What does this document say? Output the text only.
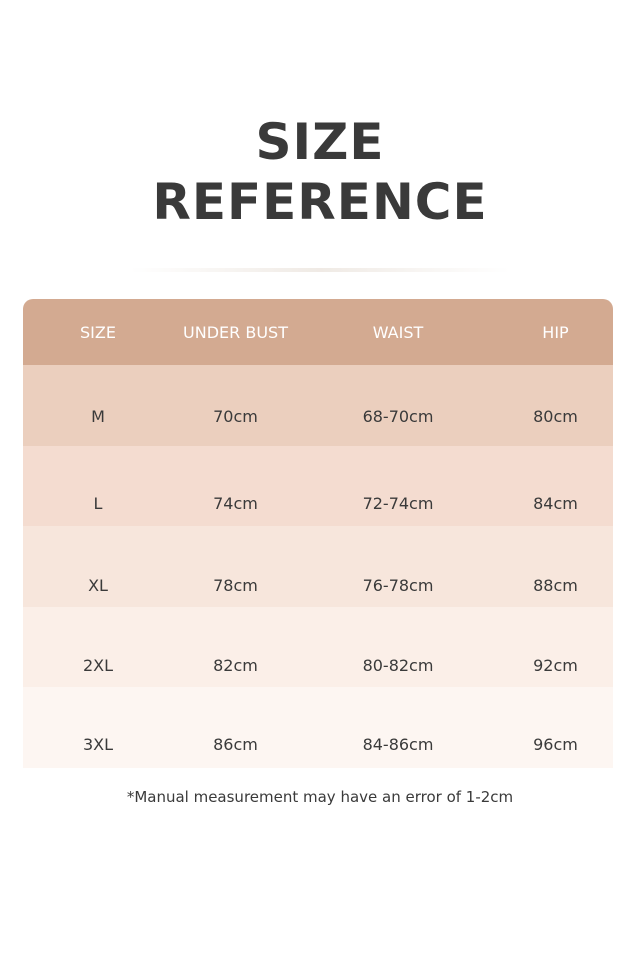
SIZE
REFERENCE
SIZE	UNDER BUST	WAIST	HIP
M	70cm	68-70cm	80cm
L	74cm	72-74cm	84cm
XL	78cm	76-78cm	88cm
2XL	82cm	80-82cm	92cm
3XL	86cm	84-86cm	96cm
*Manual measurement may have an error of 1-2cm
